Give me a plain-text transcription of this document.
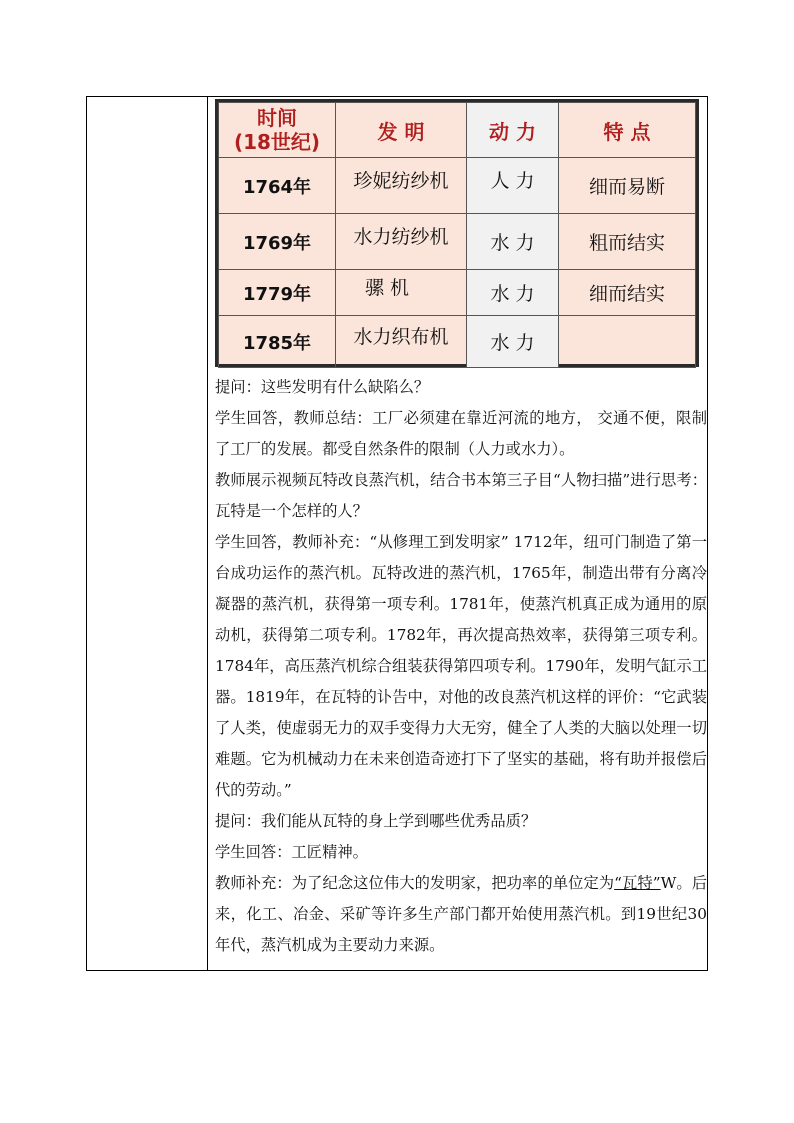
时间
(18世纪)	发 明	动 力	特 点
1764年	珍妮纺纱机	人 力	细而易断
1769年	水力纺纱机	水 力	粗而结实
1779年	骡 机	水 力	细而结实
1785年	水力织布机	水 力	

提问：这些发明有什么缺陷么？

学生回答，教师总结：工厂必须建在靠近河流的地方， 交通不便，限制了工厂的发展。都受自然条件的限制（人力或水力）。

教师展示视频瓦特改良蒸汽机，结合书本第三子目“人物扫描”进行思考：瓦特是一个怎样的人？

学生回答，教师补充：“从修理工到发明家” 1712年，纽可门制造了第一台成功运作的蒸汽机。瓦特改进的蒸汽机，1765年，制造出带有分离冷凝器的蒸汽机，获得第一项专利。1781年，使蒸汽机真正成为通用的原动机，获得第二项专利。1782年，再次提高热效率，获得第三项专利。1784年，高压蒸汽机综合组装获得第四项专利。1790年，发明气缸示工器。1819年，在瓦特的讣告中，对他的改良蒸汽机这样的评价：“它武装了人类，使虚弱无力的双手变得力大无穷，健全了人类的大脑以处理一切难题。它为机械动力在未来创造奇迹打下了坚实的基础，将有助并报偿后代的劳动。”

提问：我们能从瓦特的身上学到哪些优秀品质？

学生回答：工匠精神。

教师补充：为了纪念这位伟大的发明家，把功率的单位定为“瓦特”W。后来，化工、冶金、采矿等许多生产部门都开始使用蒸汽机。到19世纪30年代，蒸汽机成为主要动力来源。
